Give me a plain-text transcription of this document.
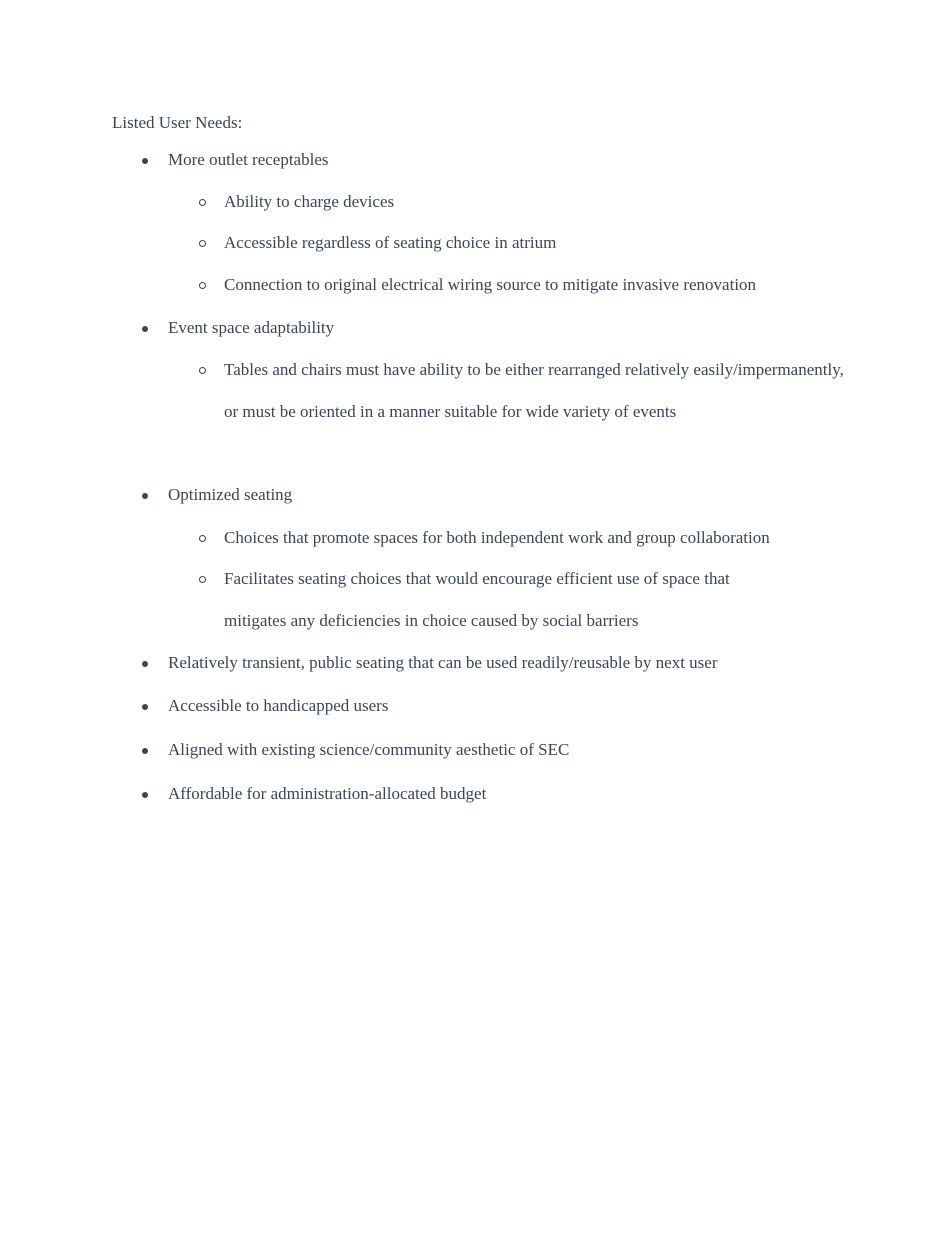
Listed User Needs:
More outlet receptables
Ability to charge devices
Accessible regardless of seating choice in atrium
Connection to original electrical wiring source to mitigate invasive renovation
Event space adaptability
Tables and chairs must have ability to be either rearranged relatively easily/impermanently, or must be oriented in a manner suitable for wide variety of events
Optimized seating
Choices that promote spaces for both independent work and group collaboration
Facilitates seating choices that would encourage efficient use of space that mitigates any deficiencies in choice caused by social barriers
Relatively transient, public seating that can be used readily/reusable by next user
Accessible to handicapped users
Aligned with existing science/community aesthetic of SEC
Affordable for administration-allocated budget
